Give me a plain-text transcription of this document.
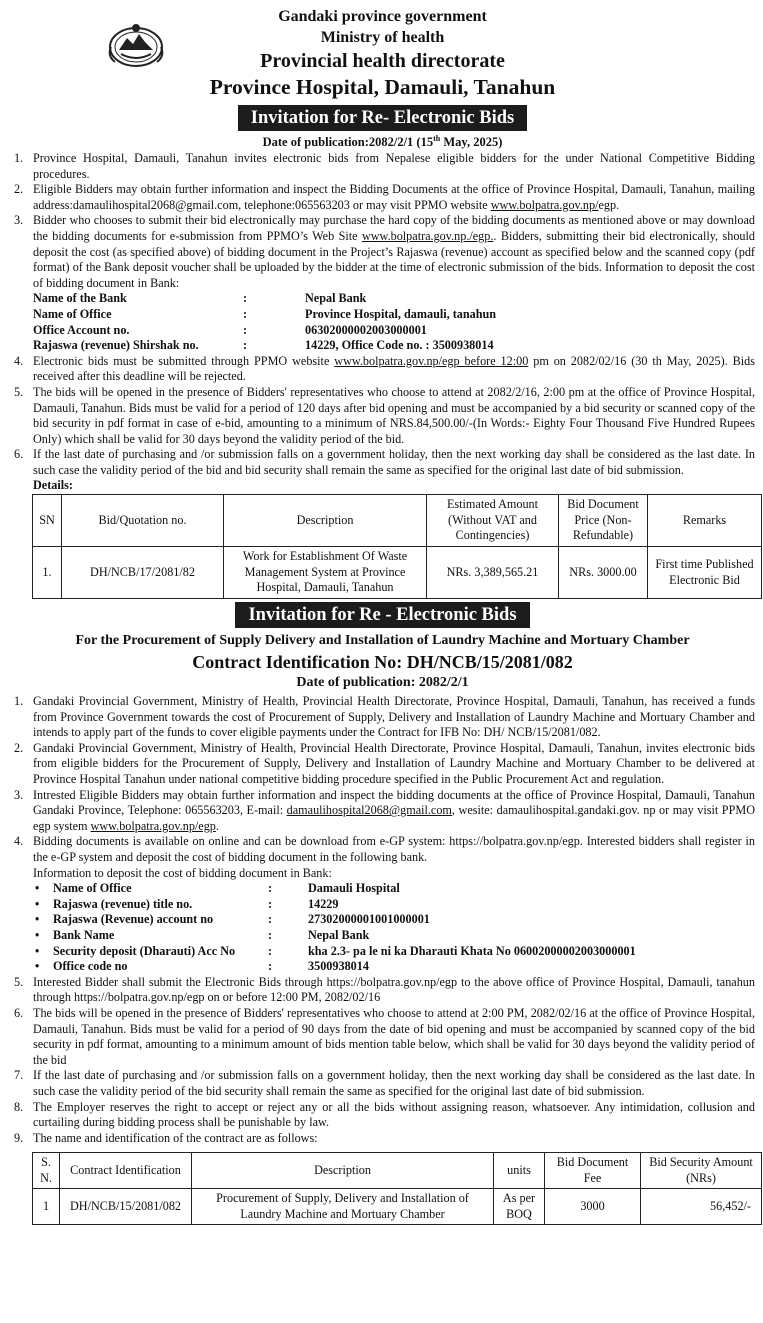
Gandaki province government
Ministry of health
Provincial health directorate
Province Hospital, Damauli, Tanahun
Invitation for Re- Electronic Bids
Date of publication:2082/2/1 (15th May, 2025)
1. Province Hospital, Damauli, Tanahun invites electronic bids from Nepalese eligible bidders for the under National Competitive Bidding procedures.
2. Eligible Bidders may obtain further information and inspect the Bidding Documents at the office of Province Hospital, Damauli, Tanahun, mailing address:damaulihospital2068@gmail.com, telephone:065563203 or may visit PPMO website www.bolpatra.gov.np/egp.
3. Bidder who chooses to submit their bid electronically may purchase the hard copy of the bidding documents as mentioned above or may download the bidding documents for e-submission from PPMO’s Web Site www.bolpatra.gov.np./egp.. Bidders, submitting their bid electronically, should deposit the cost (as specified above) of bidding document in the Project’s Rajaswa (revenue) account as specified below and the scanned copy (pdf format) of the Bank deposit voucher shall be uploaded by the bidder at the time of electronic submission of the bids. Information to deposit the cost of bidding document in Bank:
Name of the Bank	:	Nepal Bank
Name of Office	:	Province Hospital, damauli, tanahun
Office Account no.	:	06302000002003000001
Rajaswa (revenue) Shirshak no.	:	14229, Office Code no. : 3500938014
4. Electronic bids must be submitted through PPMO website www.bolpatra.gov.np/egp before 12:00 pm on 2082/02/16 (30 th May, 2025). Bids received after this deadline will be rejected.
5. The bids will be opened in the presence of Bidders' representatives who choose to attend at 2082/2/16, 2:00 pm at the office of Province Hospital, Damauli, Tanahun. Bids must be valid for a period of 120 days after bid opening and must be accompanied by a bid security or scanned copy of the bid security in pdf format in case of e-bid, amounting to a minimum of NRS.84,500.00/-(In Words:- Eighty Four Thousand Five Hundred Rupees Only) which shall be valid for 30 days beyond the validity period of the bid.
6. If the last date of purchasing and /or submission falls on a government holiday, then the next working day shall be considered as the last date. In such case the validity period of the bid and bid security shall remain the same as specified for the original last date of bid submission.
Details:
SN	Bid/Quotation no.	Description	Estimated Amount (Without VAT and Contingencies)	Bid Document Price (Non-Refundable)	Remarks
1.	DH/NCB/17/2081/82	Work for Establishment Of Waste Management System at Province Hospital, Damauli, Tanahun	NRs. 3,389,565.21	NRs. 3000.00	First time Published Electronic Bid
Invitation for Re - Electronic Bids
For the Procurement of Supply Delivery and Installation of Laundry Machine and Mortuary Chamber
Contract Identification No: DH/NCB/15/2081/082
Date of publication: 2082/2/1
1. Gandaki Provincial Government, Ministry of Health, Provincial Health Directorate, Province Hospital, Damauli, Tanahun, has received a funds from Province Government towards the cost of Procurement of Supply, Delivery and Installation of Laundry Machine and Mortuary Chamber and intends to apply part of the funds to cover eligible payments under the Contract for IFB No: DH/ NCB/15/2081/082.
2. Gandaki Provincial Government, Ministry of Health, Provincial Health Directorate, Province Hospital, Damauli, Tanahun, invites electronic bids from eligible bidders for the Procurement of Supply, Delivery and Installation of Laundry Machine and Mortuary Chamber to be delivered at Province Hospital Tanahun under national competitive bidding procedure specified in the Public Procurement Act and regulation.
3. Intrested Eligible Bidders may obtain further information and inspect the bidding documents at the office of Province Hospital, Damauli, Tanahun Gandaki Province, Telephone: 065563203, E-mail: damaulihospital2068@gmail.com, wesite: damaulihospital.gandaki.gov. np or may visit PPMO egp system www.bolpatra.gov.np/egp.
4. Bidding documents is available on online and can be download from e-GP system: https://bolpatra.gov.np/egp. Interested bidders shall register in the e-GP system and deposit the cost of bidding document in the following bank.
Information to deposit the cost of bidding document in Bank:
• Name of Office	:	Damauli Hospital
• Rajaswa (revenue) title no.	:	14229
• Rajaswa (Revenue) account no	:	27302000001001000001
• Bank Name	:	Nepal Bank
• Security deposit (Dharauti) Acc No	:	kha 2.3- pa le ni ka Dharauti Khata No 06002000002003000001
• Office code no	:	3500938014
5. Interested Bidder shall submit the Electronic Bids through https://bolpatra.gov.np/egp to the above office of Province Hospital, Damauli, tanahun through https://bolpatra.gov.np/egp on or before 12:00 PM, 2082/02/16
6. The bids will be opened in the presence of Bidders' representatives who choose to attend at 2:00 PM, 2082/02/16 at the office of Province Hospital, Damauli, Tanahun. Bids must be valid for a period of 90 days from the date of bid opening and must be accompanied by scanned copy of the bid security in pdf format, amounting to a minimum amount of bids mention table below, which shall be valid for 30 days beyond the validity period of the bid
7. If the last date of purchasing and /or submission falls on a government holiday, then the next working day shall be considered as the last date. In such case the validity period of the bid security shall remain the same as specified for the original last date of bid submission.
8. The Employer reserves the right to accept or reject any or all the bids without assigning reason, whatsoever. Any intimidation, collusion and curtailing during bidding process shall be punishable by law.
9. The name and identification of the contract are as follows:
S. N.	Contract Identification	Description	units	Bid Document Fee	Bid Security Amount (NRs)
1	DH/NCB/15/2081/082	Procurement of Supply, Delivery and Installation of Laundry Machine and Mortuary Chamber	As per BOQ	3000	56,452/-
